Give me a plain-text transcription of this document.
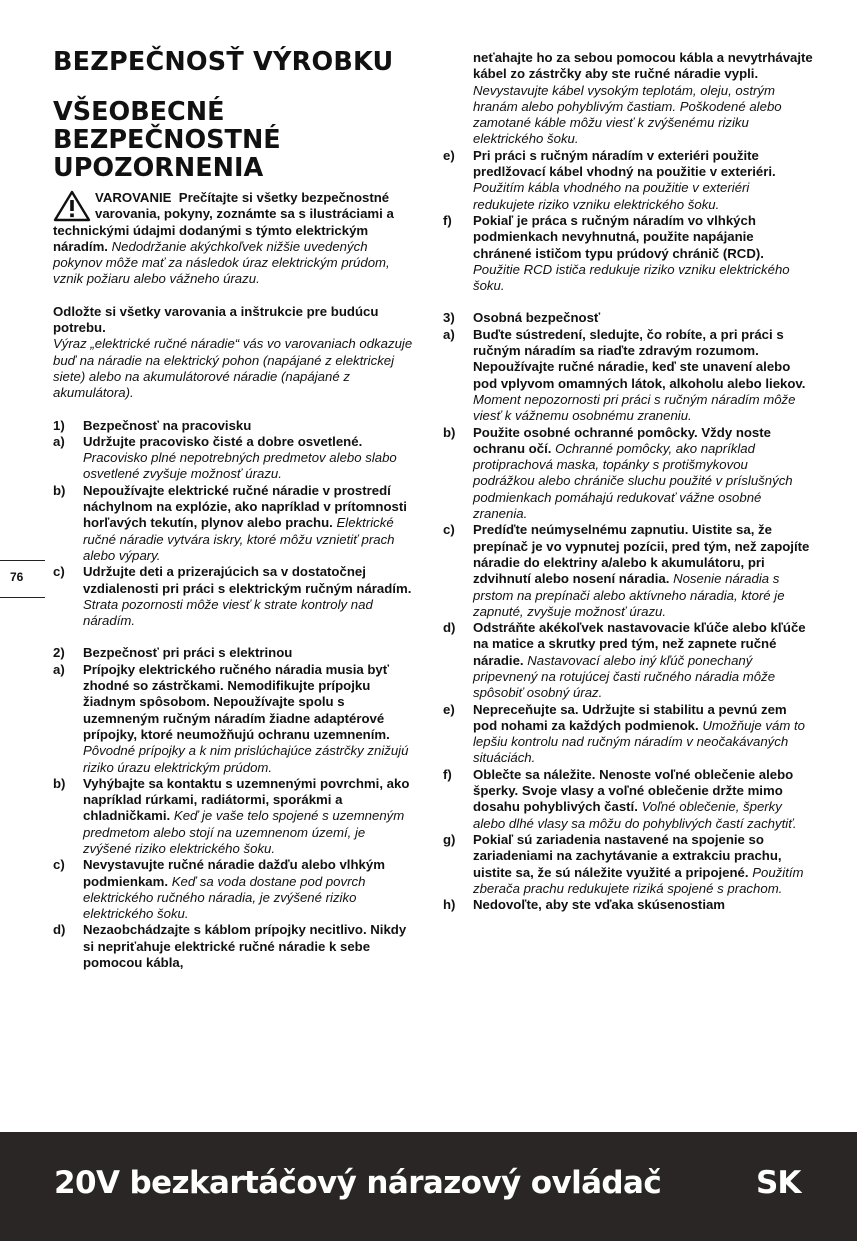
BEZPEČNOSŤ VÝROBKU
VŠEOBECNÉ BEZPEČNOSTNÉ UPOZORNENIA
76

VAROVANIE Prečítajte si všetky bezpečnostné varovania, pokyny, zoznámte sa s ilustráciami a technickými údajmi dodanými s týmto elektrickým náradím. Nedodržanie akýchkoľvek nižšie uvedených pokynov môže mať za následok úraz elektrickým prúdom, vznik požiaru alebo vážneho úrazu.

Odložte si všetky varovania a inštrukcie pre budúcu potrebu.
Výraz „elektrické ručné náradie“ vás vo varovaniach odkazuje buď na náradie na elektrický pohon (napájané z elektrickej siete) alebo na akumulátorové náradie (napájané z akumulátora).

1)	Bezpečnosť na pracovisku
a)	Udržujte pracovisko čisté a dobre osvetlené. Pracovisko plné nepotrebných predmetov alebo slabo osvetlené zvyšuje možnosť úrazu.
b)	Nepoužívajte elektrické ručné náradie v prostredí náchylnom na explózie, ako napríklad v prítomnosti horľavých tekutín, plynov alebo prachu. Elektrické ručné náradie vytvára iskry, ktoré môžu vznietiť prach alebo výpary.
c)	Udržujte deti a prizerajúcich sa v dostatočnej vzdialenosti pri práci s elektrickým ručným náradím. Strata pozornosti môže viesť k strate kontroly nad náradím.
2)	Bezpečnosť pri práci s elektrinou
a)	Prípojky elektrického ručného náradia musia byť zhodné so zástrčkami. Nemodifikujte prípojku žiadnym spôsobom. Nepoužívajte spolu s uzemneným ručným náradím žiadne adaptérové prípojky, ktoré neumožňujú ochranu uzemnením. Pôvodné prípojky a k nim prislúchajúce zástrčky znižujú riziko úrazu elektrickým prúdom.
b)	Vyhýbajte sa kontaktu s uzemnenými povrchmi, ako napríklad rúrkami, radiátormi, sporákmi a chladničkami. Keď je vaše telo spojené s uzemneným predmetom alebo stojí na uzemnenom území, je zvýšené riziko elektrického šoku.
c)	Nevystavujte ručné náradie dažďu alebo vlhkým podmienkam. Keď sa voda dostane pod povrch elektrického ručného náradia, je zvýšené riziko elektrického šoku.
d)	Nezaobchádzajte s káblom prípojky necitlivo. Nikdy si nepriťahuje elektrické ručné náradie k sebe pomocou kábla,
neťahajte ho za sebou pomocou kábla a nevytrhávajte kábel zo zástrčky aby ste ručné náradie vypli. Nevystavujte kábel vysokým teplotám, oleju, ostrým hranám alebo pohyblivým častiam. Poškodené alebo zamotané káble môžu viesť k zvýšenému riziku elektrického šoku.
e)	Pri práci s ručným náradím v exteriéri použite predlžovací kábel vhodný na použitie v exteriéri. Použitím kábla vhodného na použitie v exteriéri redukujete riziko vzniku elektrického šoku.
f)	Pokiaľ je práca s ručným náradím vo vlhkých podmienkach nevyhnutná, použite napájanie chránené ističom typu prúdový chránič (RCD). Použitie RCD ističa redukuje riziko vzniku elektrického šoku.
3)	Osobná bezpečnosť
a)	Buďte sústredení, sledujte, čo robíte, a pri práci s ručným náradím sa riaďte zdravým rozumom. Nepoužívajte ručné náradie, keď ste unavení alebo pod vplyvom omamných látok, alkoholu alebo liekov. Moment nepozornosti pri práci s ručným náradím môže viesť k vážnemu osobnému zraneniu.
b)	Použite osobné ochranné pomôcky. Vždy noste ochranu očí. Ochranné pomôcky, ako napríklad protiprachová maska, topánky s protišmykovou podrážkou alebo chrániče sluchu použité v príslušných podmienkach pomáhajú redukovať vážne osobné zranenia.
c)	Predíďte neúmyselnému zapnutiu. Uistite sa, že prepínač je vo vypnutej pozícii, pred tým, než zapojíte náradie do elektriny a/alebo k akumulátoru, pri zdvihnutí alebo nosení náradia. Nosenie náradia s prstom na prepínači alebo aktívneho náradia, ktoré je zapnuté, zvyšuje možnosť úrazu.
d)	Odstráňte akékoľvek nastavovacie kľúče alebo kľúče na matice a skrutky pred tým, než zapnete ručné náradie. Nastavovací alebo iný kľúč ponechaný pripevnený na rotujúcej časti ručného náradia môže spôsobiť osobný úraz.
e)	Nepreceňujte sa. Udržujte si stabilitu a pevnú zem pod nohami za každých podmienok. Umožňuje vám to lepšiu kontrolu nad ručným náradím v neočakávaných situáciách.
f)	Oblečte sa náležite. Nenoste voľné oblečenie alebo šperky. Svoje vlasy a voľné oblečenie držte mimo dosahu pohyblivých častí. Voľné oblečenie, šperky alebo dlhé vlasy sa môžu do pohyblivých častí zachytiť.
g)	Pokiaľ sú zariadenia nastavené na spojenie so zariadeniami na zachytávanie a extrakciu prachu, uistite sa, že sú náležite využité a pripojené. Použitím zberača prachu redukujete riziká spojené s prachom.
h)	Nedovoľte, aby ste vďaka skúsenostiam
20V bezkartáčový nárazový ovládač	SK
